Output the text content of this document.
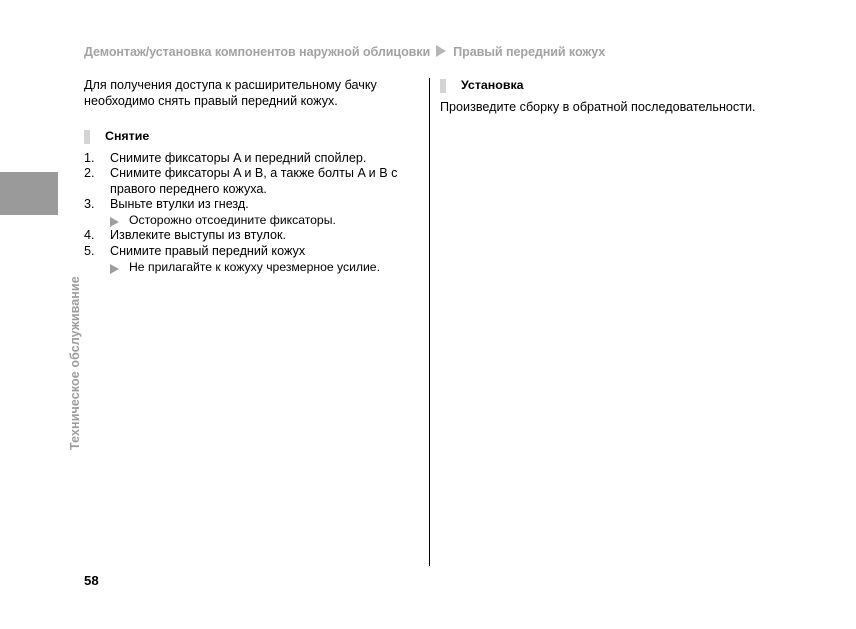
Техническое обслуживание
Демонтаж/установка компонентов наружной облицовки Правый передний кожух

Для получения доступа к расширительному бачку необходимо снять правый передний кожух.

Снятие
1.	Снимите фиксаторы A и передний спойлер.
2.	Снимите фиксаторы A и B, а также болты A и B с правого переднего кожуха.
3.	Выньте втулки из гнезд.
Осторожно отсоедините фиксаторы.
4.	Извлеките выступы из втулок.
5.	Снимите правый передний кожух
Не прилагайте к кожуху чрезмерное усилие.
Установка

Произведите сборку в обратной последовательности.

58
